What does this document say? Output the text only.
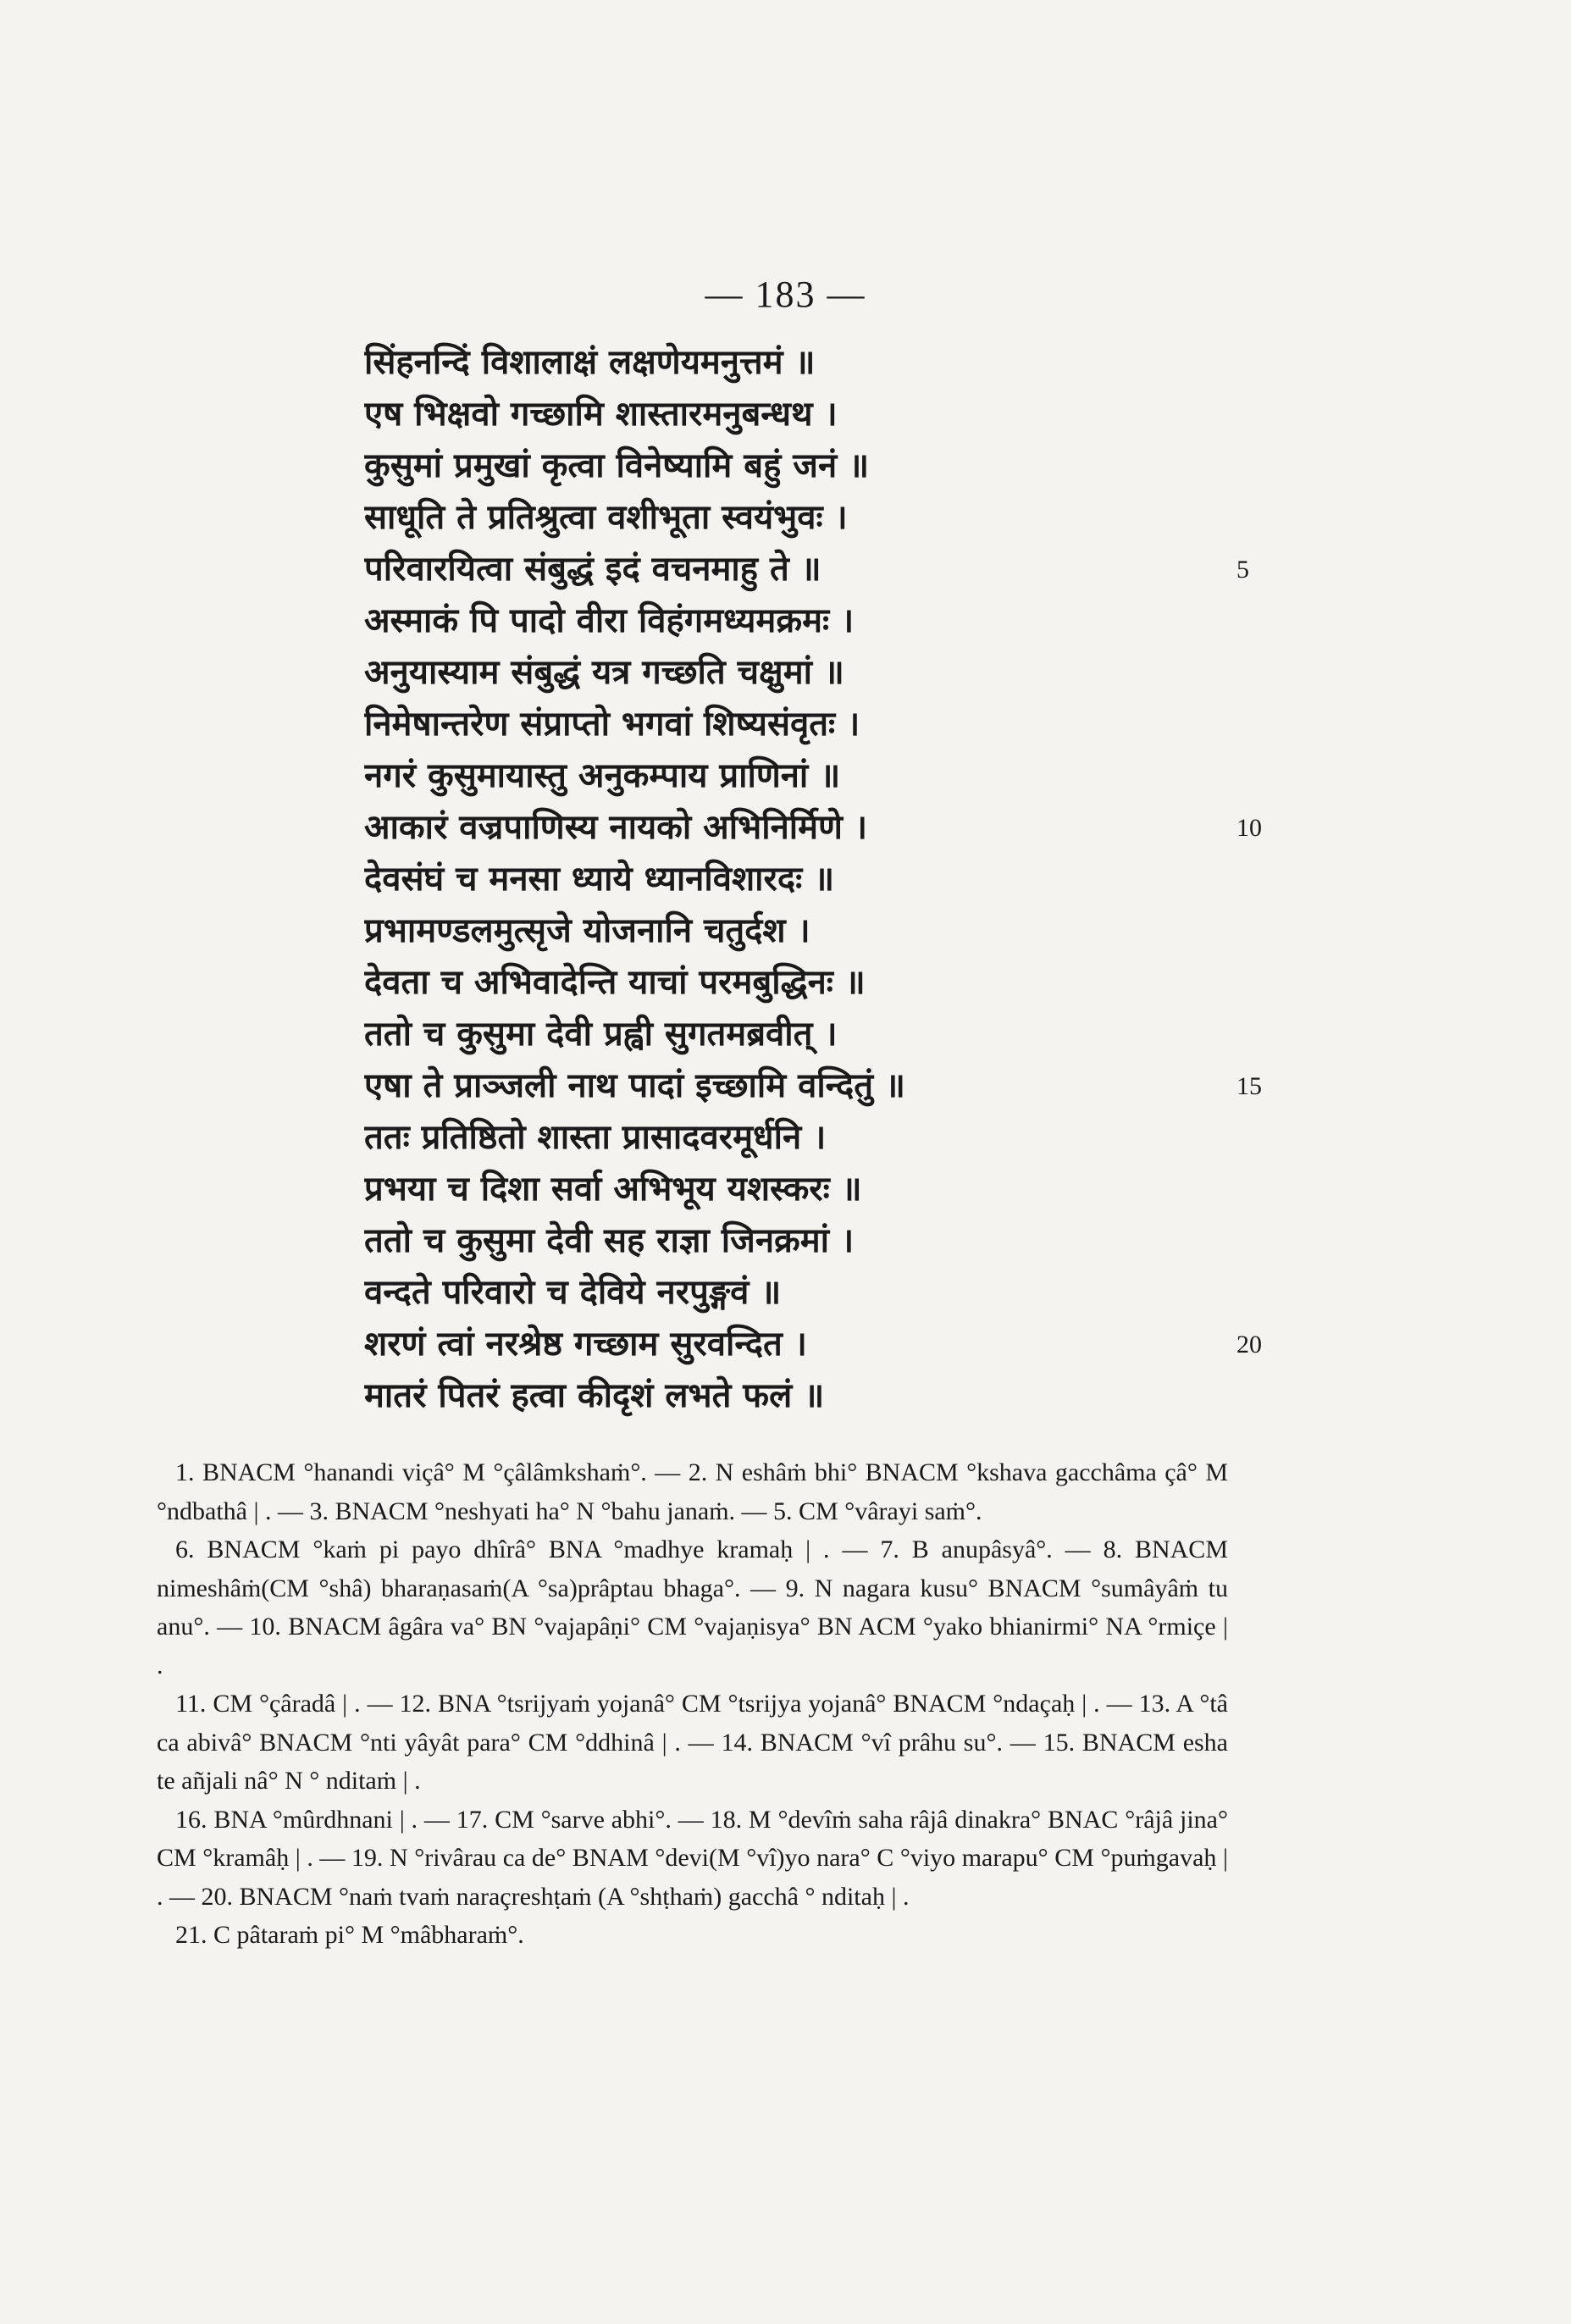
— 183 —
सिंहनन्दिं विशालाक्षं लक्षणेयमनुत्तमं ॥
एष भिक्षवो गच्छामि शास्तारमनुबन्धथ ।
कुसुमां प्रमुखां कृत्वा विनेष्यामि बहुं जनं ॥
साधूति ते प्रतिश्रुत्वा वशीभूता स्वयंभुवः ।
परिवारयित्वा संबुद्धं इदं वचनमाहु ते ॥	5
अस्माकं पि पादो वीरा विहंगमध्यमक्रमः ।
अनुयास्याम संबुद्धं यत्र गच्छति चक्षुमां ॥
निमेषान्तरेण संप्राप्तो भगवां शिष्यसंवृतः ।
नगरं कुसुमायास्तु अनुकम्पाय प्राणिनां ॥
आकारं वज्रपाणिस्य नायको अभिनिर्मिणे ।	10
देवसंघं च मनसा ध्याये ध्यानविशारदः ॥
प्रभामण्डलमुत्सृजे योजनानि चतुर्दश ।
देवता च अभिवादेन्ति याचां परमबुद्धिनः ॥
ततो च कुसुमा देवी प्रह्वी सुगतमब्रवीत् ।
एषा ते प्राञ्जली नाथ पादां इच्छामि वन्दितुं ॥	15
ततः प्रतिष्ठितो शास्ता प्रासादवरमूर्धनि ।
प्रभया च दिशा सर्वा अभिभूय यशस्करः ॥
ततो च कुसुमा देवी सह राज्ञा जिनक्रमां ।
वन्दते परिवारो च देविये नरपुङ्गवं ॥
शरणं त्वां नरश्रेष्ठ गच्छाम सुरवन्दित ।	20
मातरं पितरं हत्वा कीदृशं लभते फलं ॥

1. BNACM °hanandi viçâ° M °çâlâmkshaṁ°. — 2. N eshâṁ bhi° BNACM °kshava gacchâma çâ° M °ndbathâ | . — 3. BNACM °neshyati ha° N °bahu janaṁ. — 5. CM °vârayi saṁ°.

6. BNACM °kaṁ pi payo dhîrâ° BNA °madhye kramaḥ | . — 7. B anupâsyâ°. — 8. BNACM nimeshâṁ(CM °shâ) bharaṇasaṁ(A °sa)prâptau bhaga°. — 9. N nagara kusu° BNACM °sumâyâṁ tu anu°. — 10. BNACM âgâra va° BN °vajapâṇi° CM °vajaṇisya° BN ACM °yako bhianirmi° NA °rmiçe | .

11. CM °çâradâ | . — 12. BNA °tsrijyaṁ yojanâ° CM °tsrijya yojanâ° BNACM °ndaçaḥ | . — 13. A °tâ ca abivâ° BNACM °nti yâyât para° CM °ddhinâ | . — 14. BNACM °vî prâhu su°. — 15. BNACM esha te añjali nâ° N ° nditaṁ | .

16. BNA °mûrdhnani | . — 17. CM °sarve abhi°. — 18. M °devîṁ saha râjâ dinakra° BNAC °râjâ jina° CM °kramâḥ | . — 19. N °rivârau ca de° BNAM °devi(M °vî)yo nara° C °viyo marapu° CM °puṁgavaḥ | . — 20. BNACM °naṁ tvaṁ naraçreshṭaṁ (A °shṭhaṁ) gacchâ ° nditaḥ | .

21. C pâtaraṁ pi° M °mâbharaṁ°.
